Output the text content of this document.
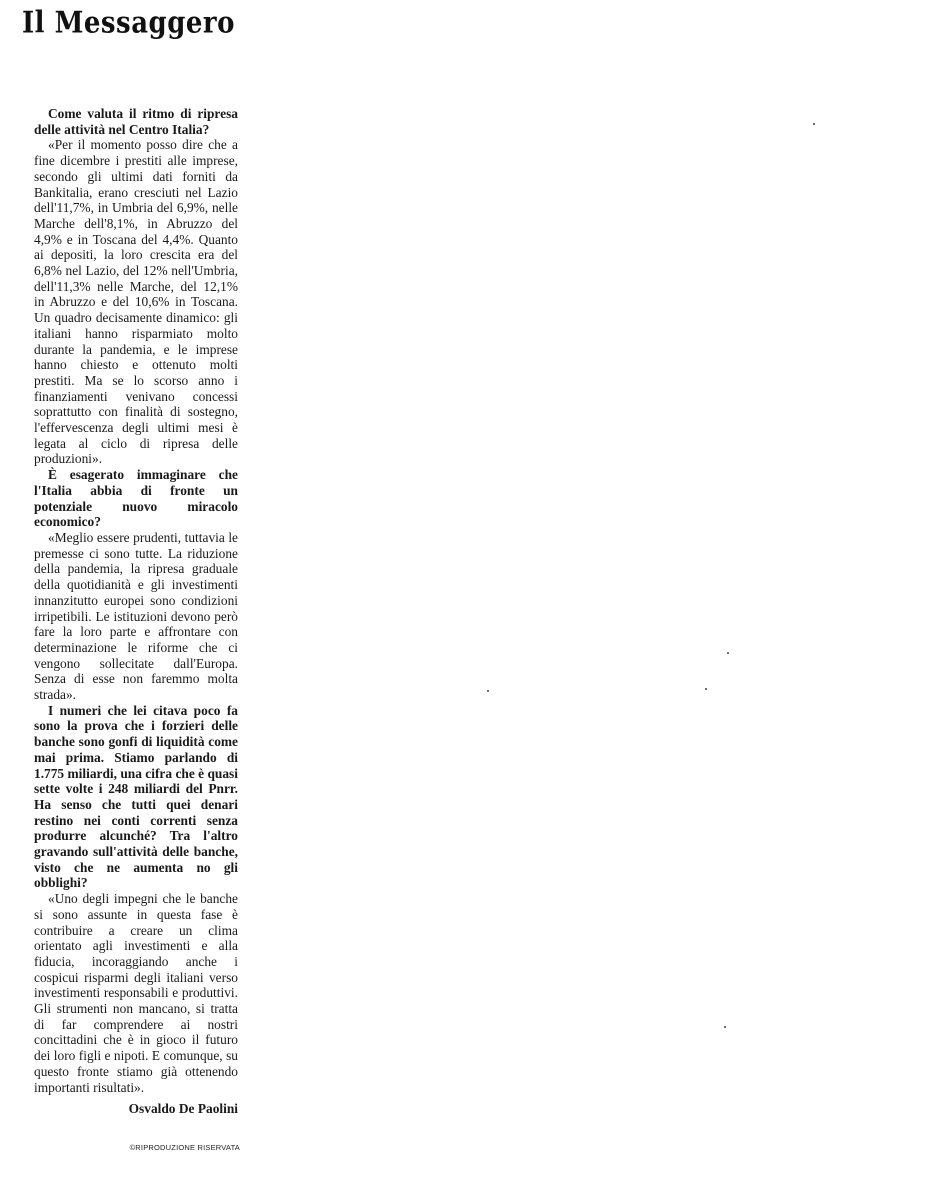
Il Messaggero

Come valuta il ritmo di ripresa delle attività nel Centro Italia?

«Per il momento posso dire che a fine dicembre i prestiti alle imprese, secondo gli ultimi dati forniti da Bankitalia, erano cresciuti nel Lazio dell'11,7%, in Umbria del 6,9%, nelle Marche dell'8,1%, in Abruzzo del 4,9% e in Toscana del 4,4%. Quanto ai depositi, la loro crescita era del 6,8% nel Lazio, del 12% nell'Umbria, dell'11,3% nelle Marche, del 12,1% in Abruzzo e del 10,6% in Toscana. Un quadro decisamente dinamico: gli italiani hanno risparmiato molto durante la pandemia, e le imprese hanno chiesto e ottenuto molti prestiti. Ma se lo scorso anno i finanziamenti venivano concessi soprattutto con finalità di sostegno, l'effervescenza degli ultimi mesi è legata al ciclo di ripresa delle produzioni».

È esagerato immaginare che l'Italia abbia di fronte un potenziale nuovo miracolo economico?

«Meglio essere prudenti, tuttavia le premesse ci sono tutte. La riduzione della pandemia, la ripresa graduale della quotidianità e gli investimenti innanzitutto europei sono condizioni irripetibili. Le istituzioni devono però fare la loro parte e affrontare con determinazione le riforme che ci vengono sollecitate dall'Europa. Senza di esse non faremmo molta strada».

I numeri che lei citava poco fa sono la prova che i forzieri delle banche sono gonfi di liquidità come mai prima. Stiamo parlando di 1.775 miliardi, una cifra che è quasi sette volte i 248 miliardi del Pnrr. Ha senso che tutti quei denari restino nei conti correnti senza produrre alcunché? Tra l'altro gravando sull'attività delle banche, visto che ne aumenta no gli obblighi?

«Uno degli impegni che le banche si sono assunte in questa fase è contribuire a creare un clima orientato agli investimenti e alla fiducia, incoraggiando anche i cospicui risparmi degli italiani verso investimenti responsabili e produttivi. Gli strumenti non mancano, si tratta di far comprendere ai nostri concittadini che è in gioco il futuro dei loro figli e nipoti. E comunque, su questo fronte stiamo già ottenendo importanti risultati».

Osvaldo De Paolini

©RIPRODUZIONE RISERVATA
